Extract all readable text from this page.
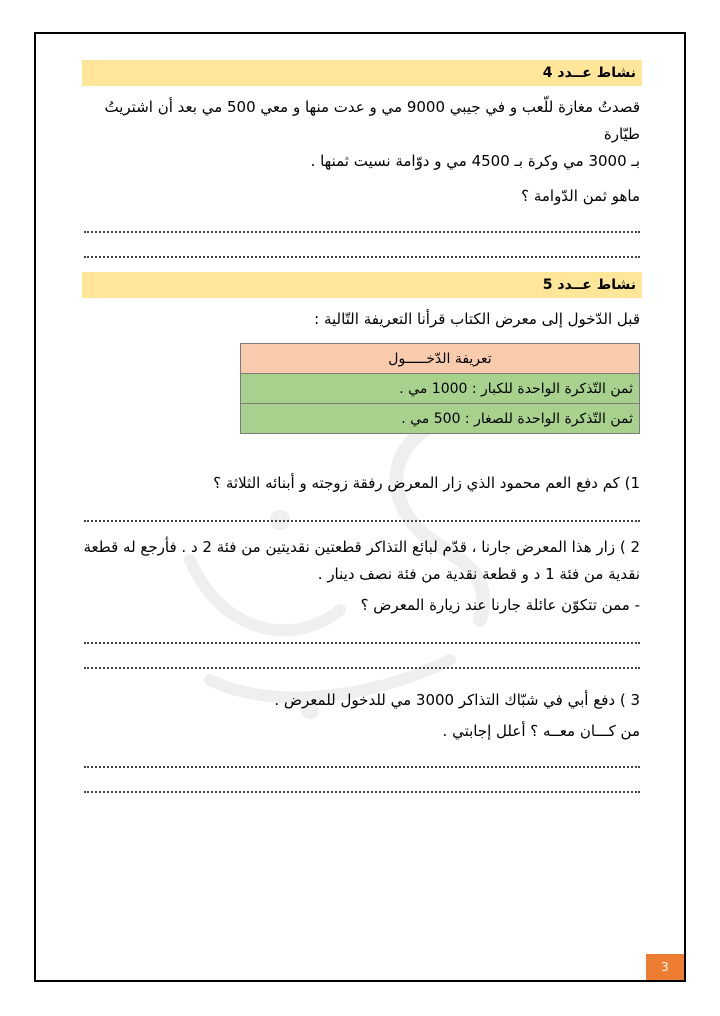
نشاط عــدد 4

قصدتُ مغازة للّعب و في جيبي 9000 مي و عدت منها و معي 500 مي بعد أن اشتريتُ طيّارة

بـ 3000 مي وكرة بـ 4500 مي و دوّامة نسيت ثمنها .

ماهو ثمن الدّوامة ؟

نشاط عــدد 5

قبل الدّخول إلى معرض الكتاب قرأنا التعريفة التّالية :

تعريفة الدّخـــــول
ثمن التّذكرة الواحدة للكبار : 1000 مي .
ثمن التّذكرة الواحدة للصغار : 500 مي .

1) كم دفع العم محمود الذي زار المعرض رفقة زوجته و أبنائه الثلاثة ؟

2 ) زار هذا المعرض جارنا ، قدّم لبائع التذاكر قطعتين نقديتين من فئة 2 د . فأرجع له قطعة

نقدية من فئة 1 د و قطعة نقدية من فئة نصف دينار .

- ممن تتكوّن عائلة جارنا عند زيارة المعرض ؟

3 ) دفع أبي في شبّاك التذاكر 3000 مي للدخول للمعرض .

من كـــان معــه ؟ أعلل إجابتي .

3
